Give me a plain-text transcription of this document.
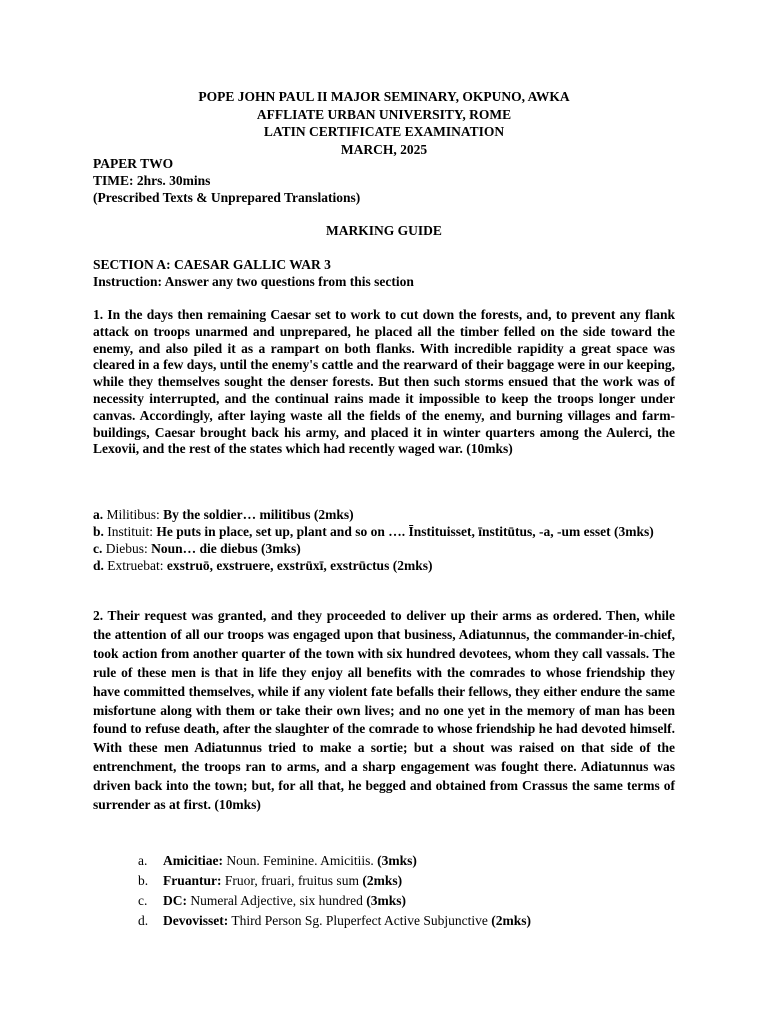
POPE JOHN PAUL II MAJOR SEMINARY, OKPUNO, AWKA
AFFLIATE URBAN UNIVERSITY, ROME
LATIN CERTIFICATE EXAMINATION
MARCH, 2025
PAPER TWO
TIME: 2hrs. 30mins
(Prescribed Texts & Unprepared Translations)
MARKING GUIDE
SECTION A: CAESAR GALLIC WAR 3
Instruction: Answer any two questions from this section

1. In the days then remaining Caesar set to work to cut down the forests, and, to prevent any flank attack on troops unarmed and unprepared, he placed all the timber felled on the side toward the enemy, and also piled it as a rampart on both flanks. With incredible rapidity a great space was cleared in a few days, until the enemy's cattle and the rearward of their baggage were in our keeping, while they themselves sought the denser forests. But then such storms ensued that the work was of necessity interrupted, and the continual rains made it impossible to keep the troops longer under canvas. Accordingly, after laying waste all the fields of the enemy, and burning villages and farm-buildings, Caesar brought back his army, and placed it in winter quarters among the Aulerci, the Lexovii, and the rest of the states which had recently waged war. (10mks)

a. Militibus: By the soldier… militibus (2mks)
b. Instituit: He puts in place, set up, plant and so on …. Īnstituisset, īnstitūtus, -a, -um esset (3mks)
c. Diebus: Noun… die diebus (3mks)
d. Extruebat: exstruō, exstruere, exstrūxī, exstrūctus (2mks)

2. Their request was granted, and they proceeded to deliver up their arms as ordered. Then, while the attention of all our troops was engaged upon that business, Adiatunnus, the commander-in-chief, took action from another quarter of the town with six hundred devotees, whom they call vassals. The rule of these men is that in life they enjoy all benefits with the comrades to whose friendship they have committed themselves, while if any violent fate befalls their fellows, they either endure the same misfortune along with them or take their own lives; and no one yet in the memory of man has been found to refuse death, after the slaughter of the comrade to whose friendship he had devoted himself. With these men Adiatunnus tried to make a sortie; but a shout was raised on that side of the entrenchment, the troops ran to arms, and a sharp engagement was fought there. Adiatunnus was driven back into the town; but, for all that, he begged and obtained from Crassus the same terms of surrender as at first. (10mks)

a.	Amicitiae: Noun. Feminine. Amicitiis. (3mks)
b.	Fruantur: Fruor, fruari, fruitus sum (2mks)
c.	DC: Numeral Adjective, six hundred (3mks)
d.	Devovisset: Third Person Sg. Pluperfect Active Subjunctive (2mks)
